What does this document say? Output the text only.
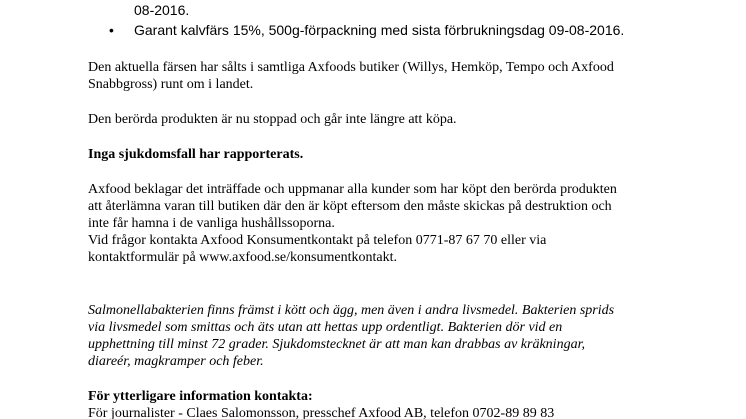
08-2016.
• Garant kalvfärs 15%, 500g-förpackning med sista förbrukningsdag 09-08-2016.

Den aktuella färsen har sålts i samtliga Axfoods butiker (Willys, Hemköp, Tempo och Axfood
Snabbgross) runt om i landet.

Den berörda produkten är nu stoppad och går inte längre att köpa.

Inga sjukdomsfall har rapporterats.

Axfood beklagar det inträffade och uppmanar alla kunder som har köpt den berörda produkten
att återlämna varan till butiken där den är köpt eftersom den måste skickas på destruktion och
inte får hamna i de vanliga hushållssoporna.
Vid frågor kontakta Axfood Konsumentkontakt på telefon 0771-87 67 70 eller via
kontaktformulär på www.axfood.se/konsumentkontakt.

Salmonellabakterien finns främst i kött och ägg, men även i andra livsmedel. Bakterien sprids
via livsmedel som smittas och äts utan att hettas upp ordentligt. Bakterien dör vid en
upphettning till minst 72 grader. Sjukdomstecknet är att man kan drabbas av kräkningar,
diareér, magkramper och feber.

För ytterligare information kontakta:

För journalister - Claes Salomonsson, presschef Axfood AB, telefon 0702-89 89 83
